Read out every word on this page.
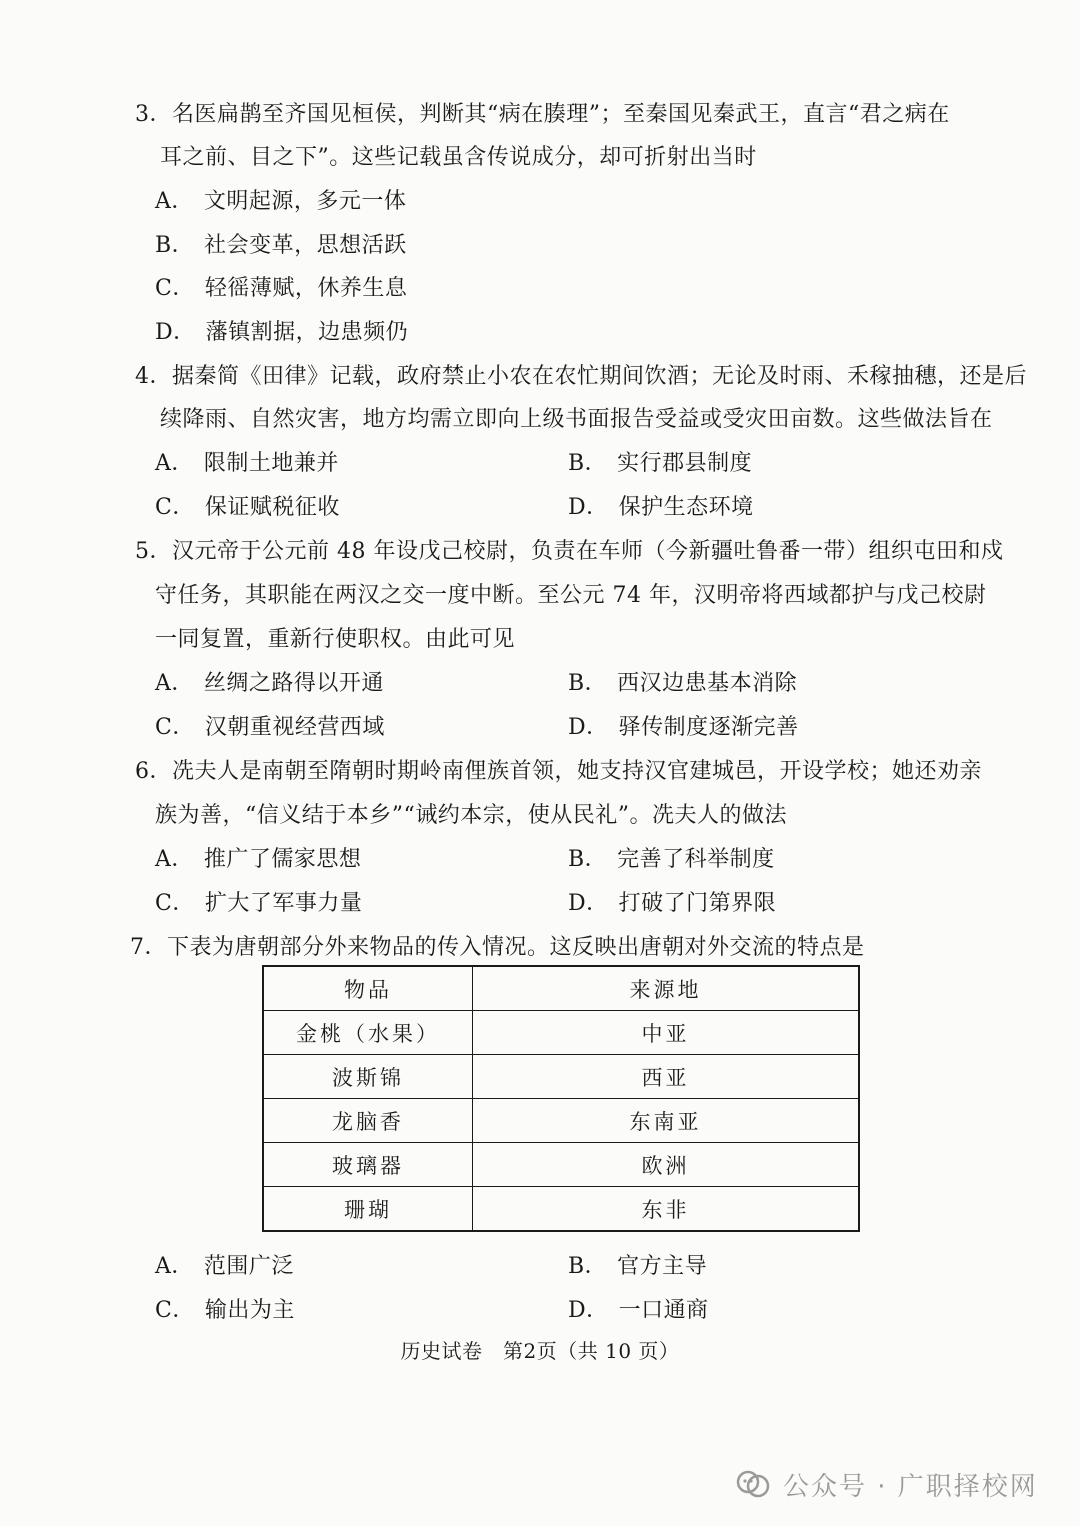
3．名医扁鹊至齐国见桓侯，判断其“病在腠理”；至秦国见秦武王，直言“君之病在
耳之前、目之下”。这些记载虽含传说成分，却可折射出当时
A． 文明起源，多元一体
B． 社会变革，思想活跃
C． 轻徭薄赋，休养生息
D． 藩镇割据，边患频仍
4．据秦简《田律》记载，政府禁止小农在农忙期间饮酒；无论及时雨、禾稼抽穗，还是后
续降雨、自然灾害，地方均需立即向上级书面报告受益或受灾田亩数。这些做法旨在
A． 限制土地兼并	B． 实行郡县制度
C． 保证赋税征收	D． 保护生态环境
5．汉元帝于公元前 48 年设戊己校尉，负责在车师（今新疆吐鲁番一带）组织屯田和戍
守任务，其职能在两汉之交一度中断。至公元 74 年，汉明帝将西域都护与戊己校尉
一同复置，重新行使职权。由此可见
A． 丝绸之路得以开通	B． 西汉边患基本消除
C． 汉朝重视经营西域	D． 驿传制度逐渐完善
6．冼夫人是南朝至隋朝时期岭南俚族首领，她支持汉官建城邑，开设学校；她还劝亲
族为善，“信义结于本乡”“诫约本宗，使从民礼”。冼夫人的做法
A． 推广了儒家思想	B． 完善了科举制度
C． 扩大了军事力量	D． 打破了门第界限
7．下表为唐朝部分外来物品的传入情况。这反映出唐朝对外交流的特点是
物品	来源地
金桃（水果）	中亚
波斯锦	西亚
龙脑香	东南亚
玻璃器	欧洲
珊瑚	东非
A． 范围广泛	B． 官方主导
C． 输出为主	D． 一口通商
历史试卷　第2页（共 10 页）
公众号 · 广职择校网
